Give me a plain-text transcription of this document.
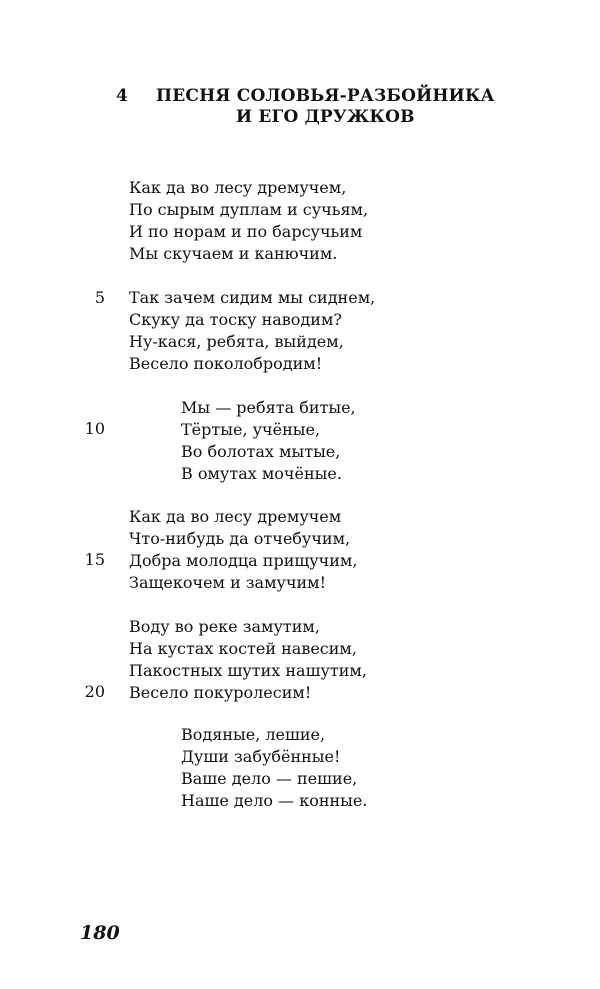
4 ПЕСНЯ СОЛОВЬЯ-РАЗБОЙНИКА
И ЕГО ДРУЖКОВ
Как да во лесу дремучем,
По сырым дуплам и сучьям,
И по норам и по барсучьим
Мы скучаем и канючим.
5 Так зачем сидим мы сиднем,
Скуку да тоску наводим?
Ну-кася, ребята, выйдем,
Весело поколобродим!
Мы — ребята битые,
10	Тёртые, учёные,
Во болотах мытые,
В омутах мочёные.
Как да во лесу дремучем
Что-нибудь да отчебучим,
15 Добра молодца прищучим,
Защекочем и замучим!
Воду во реке замутим,
На кустах костей навесим,
Пакостных шутих нашутим,
20 Весело покуролесим!
Водяные, лешие,
Души забубённые!
Ваше дело — пешие,
Наше дело — конные.
180
